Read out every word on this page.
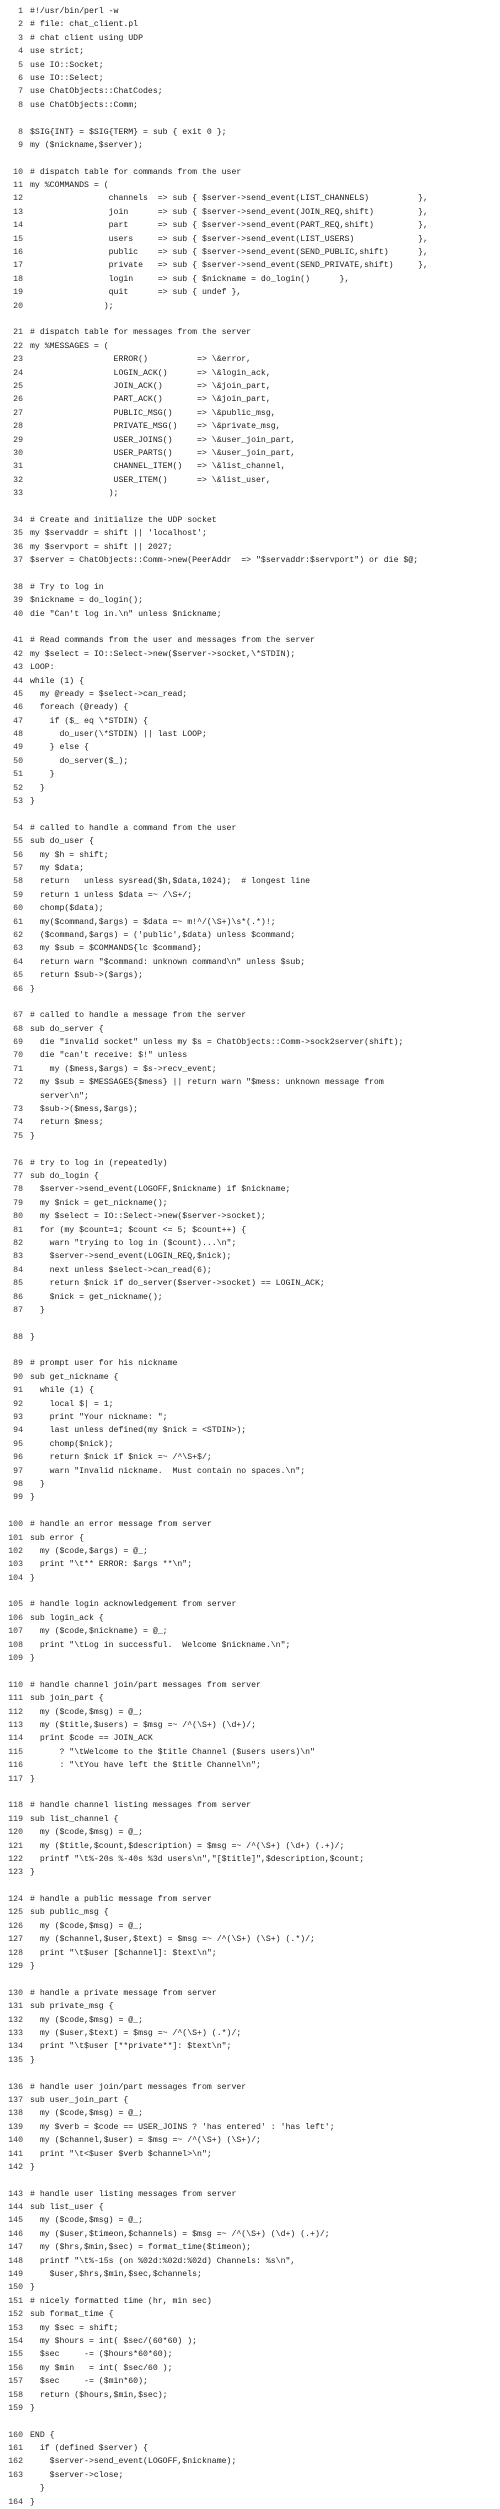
1 #!/usr/bin/perl -w
2 # file: chat_client.pl
3 # chat client using UDP
4 use strict;
5 use IO::Socket;
6 use IO::Select;
7 use ChatObjects::ChatCodes;
8 use ChatObjects::Comm;
8 $SIG{INT} = $SIG{TERM} = sub { exit 0 };
9 my ($nickname,$server);
10 # dispatch table for commands from the user
11 my %COMMANDS = (
12 channels  => sub { $server->send_event(LIST_CHANNELS)          },
13 join      => sub { $server->send_event(JOIN_REQ,shift)         },
14 part      => sub { $server->send_event(PART_REQ,shift)         },
15 users     => sub { $server->send_event(LIST_USERS)             },
16 public    => sub { $server->send_event(SEND_PUBLIC,shift)      },
17 private   => sub { $server->send_event(SEND_PRIVATE,shift)     },
18 login     => sub { $nickname = do_login()      },
19 quit      => sub { undef },
20 );
21 # dispatch table for messages from the server
22 my %MESSAGES = (
23 ERROR()          => \&error,
24 LOGIN_ACK()      => \&login_ack,
25 JOIN_ACK()       => \&join_part,
26 PART_ACK()       => \&join_part,
27 PUBLIC_MSG()     => \&public_msg,
28 PRIVATE_MSG()    => \&private_msg,
29 USER_JOINS()     => \&user_join_part,
30 USER_PARTS()     => \&user_join_part,
31 CHANNEL_ITEM()   => \&list_channel,
32 USER_ITEM()      => \&list_user,
33 );
34 # Create and initialize the UDP socket
35 my $servaddr = shift || 'localhost';
36 my $servport = shift || 2027;
37 $server = ChatObjects::Comm->new(PeerAddr  => "$servaddr:$servport") or die $@;
38 # Try to log in
39 $nickname = do_login();
40 die "Can't log in.\n" unless $nickname;
41 # Read commands from the user and messages from the server
42 my $select = IO::Select->new($server->socket,\*STDIN);
43 LOOP:
44 while (1) {
45 my @ready = $select->can_read;
46 foreach (@ready) {
47 if ($_ eq \*STDIN) {
48 do_user(\*STDIN) || last LOOP;
49 } else {
50 do_server($_);
51 }
52 }
53 }
54 # called to handle a command from the user
55 sub do_user {
56 my $h = shift;
57 my $data;
58 return   unless sysread($h,$data,1024);  # longest line
59 return 1 unless $data =~ /\S+/;
60 chomp($data);
61 my($command,$args) = $data =~ m!^/(\S+)\s*(.*)!;
62 ($command,$args) = ('public',$data) unless $command;
63 my $sub = $COMMANDS{lc $command};
64 return warn "$command: unknown command\n" unless $sub;
65 return $sub->($args);
66 }
67 # called to handle a message from the server
68 sub do_server {
69 die "invalid socket" unless my $s = ChatObjects::Comm->sock2server(shift);
70 die "can't receive: $!" unless
71 my ($mess,$args) = $s->recv_event;
72 my $sub = $MESSAGES{$mess} || return warn "$mess: unknown message from
server\n";
73 $sub->($mess,$args);
74 return $mess;
75 }
76 # try to log in (repeatedly)
77 sub do_login {
78 $server->send_event(LOGOFF,$nickname) if $nickname;
79 my $nick = get_nickname();
80 my $select = IO::Select->new($server->socket);
81 for (my $count=1; $count <= 5; $count++) {
82 warn "trying to log in ($count)...\n";
83 $server->send_event(LOGIN_REQ,$nick);
84 next unless $select->can_read(6);
85 return $nick if do_server($server->socket) == LOGIN_ACK;
86 $nick = get_nickname();
87 }
88 }
89 # prompt user for his nickname
90 sub get_nickname {
91 while (1) {
92 local $| = 1;
93 print "Your nickname: ";
94 last unless defined(my $nick = <STDIN>);
95 chomp($nick);
96 return $nick if $nick =~ /^\S+$/;
97 warn "Invalid nickname.  Must contain no spaces.\n";
98 }
99 }
100 # handle an error message from server
101 sub error {
102 my ($code,$args) = @_;
103 print "\t** ERROR: $args **\n";
104 }
105 # handle login acknowledgement from server
106 sub login_ack {
107 my ($code,$nickname) = @_;
108 print "\tLog in successful.  Welcome $nickname.\n";
109 }
110 # handle channel join/part messages from server
111 sub join_part {
112 my ($code,$msg) = @_;
113 my ($title,$users) = $msg =~ /^(\S+) (\d+)/;
114 print $code == JOIN_ACK
115 ? "\tWelcome to the $title Channel ($users users)\n"
116 : "\tYou have left the $title Channel\n";
117 }
118 # handle channel listing messages from server
119 sub list_channel {
120 my ($code,$msg) = @_;
121 my ($title,$count,$description) = $msg =~ /^(\S+) (\d+) (.+)/;
122 printf "\t%-20s %-40s %3d users\n","[$title]",$description,$count;
123 }
124 # handle a public message from server
125 sub public_msg {
126 my ($code,$msg) = @_;
127 my ($channel,$user,$text) = $msg =~ /^(\S+) (\S+) (.*)/;
128 print "\t$user [$channel]: $text\n";
129 }
130 # handle a private message from server
131 sub private_msg {
132 my ($code,$msg) = @_;
133 my ($user,$text) = $msg =~ /^(\S+) (.*)/;
134 print "\t$user [**private**]: $text\n";
135 }
136 # handle user join/part messages from server
137 sub user_join_part {
138 my ($code,$msg) = @_;
139 my $verb = $code == USER_JOINS ? 'has entered' : 'has left';
140 my ($channel,$user) = $msg =~ /^(\S+) (\S+)/;
141 print "\t<$user $verb $channel>\n";
142 }
143 # handle user listing messages from server
144 sub list_user {
145 my ($code,$msg) = @_;
146 my ($user,$timeon,$channels) = $msg =~ /^(\S+) (\d+) (.+)/;
147 my ($hrs,$min,$sec) = format_time($timeon);
148 printf "\t%-15s (on %02d:%02d:%02d) Channels: %s\n",
149 $user,$hrs,$min,$sec,$channels;
150 }
151 # nicely formatted time (hr, min sec)
152 sub format_time {
153 my $sec = shift;
154 my $hours = int( $sec/(60*60) );
155 $sec     -= ($hours*60*60);
156 my $min   = int( $sec/60 );
157 $sec     -= ($min*60);
158 return ($hours,$min,$sec);
159 }
160 END {
161 if (defined $server) {
162 $server->send_event(LOGOFF,$nickname);
163 $server->close;
}
164 }
